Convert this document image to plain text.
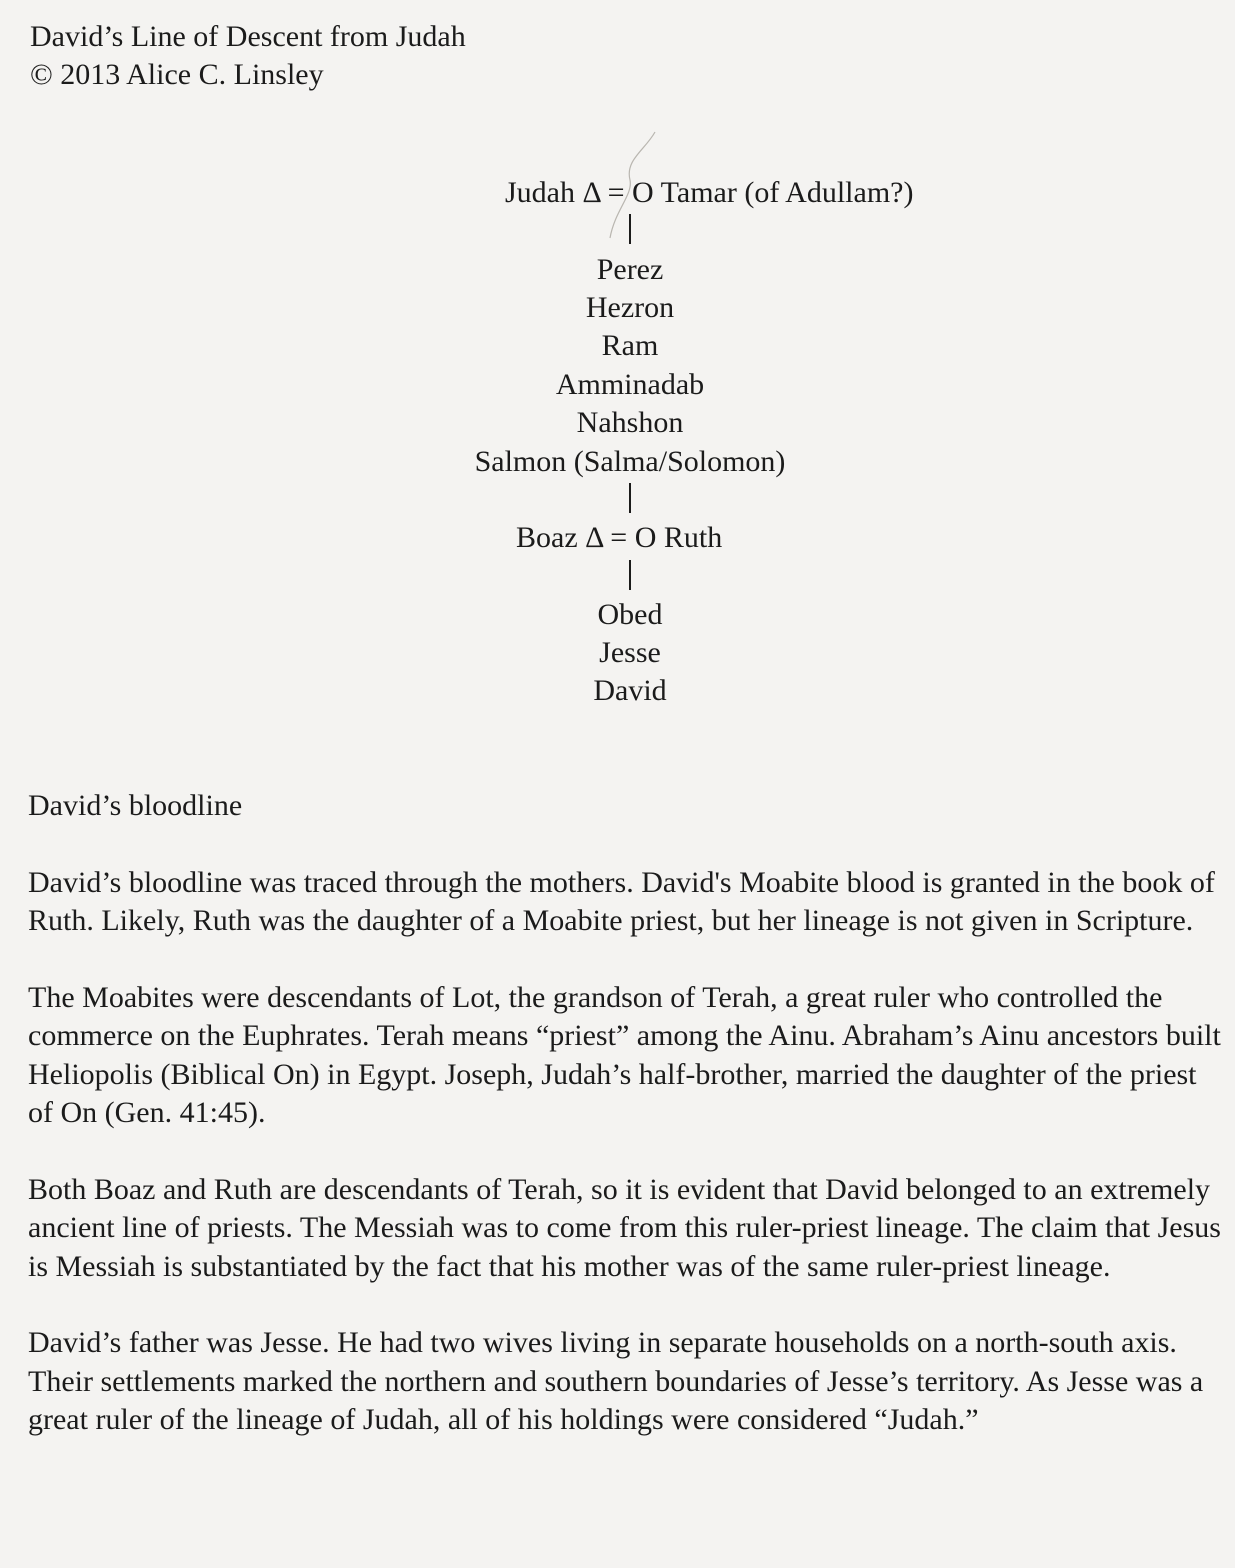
David’s Line of Descent from Judah
© 2013 Alice C. Linsley
Judah Δ = O Tamar (of Adullam?)
Perez
Hezron
Ram
Amminadab
Nahshon
Salmon (Salma/Solomon)
Boaz Δ = O Ruth
Obed
Jesse
David

David’s bloodline

David’s bloodline was traced through the mothers. David's Moabite blood is granted in the book of Ruth. Likely, Ruth was the daughter of a Moabite priest, but her lineage is not given in Scripture.

The Moabites were descendants of Lot, the grandson of Terah, a great ruler who controlled the commerce on the Euphrates. Terah means “priest” among the Ainu. Abraham’s Ainu ancestors built Heliopolis (Biblical On) in Egypt. Joseph, Judah’s half-brother, married the daughter of the priest of On (Gen. 41:45).

Both Boaz and Ruth are descendants of Terah, so it is evident that David belonged to an extremely ancient line of priests. The Messiah was to come from this ruler-priest lineage. The claim that Jesus is Messiah is substantiated by the fact that his mother was of the same ruler-priest lineage.

David’s father was Jesse. He had two wives living in separate households on a north-south axis. Their settlements marked the northern and southern boundaries of Jesse’s territory. As Jesse was a great ruler of the lineage of Judah, all of his holdings were considered “Judah.”
